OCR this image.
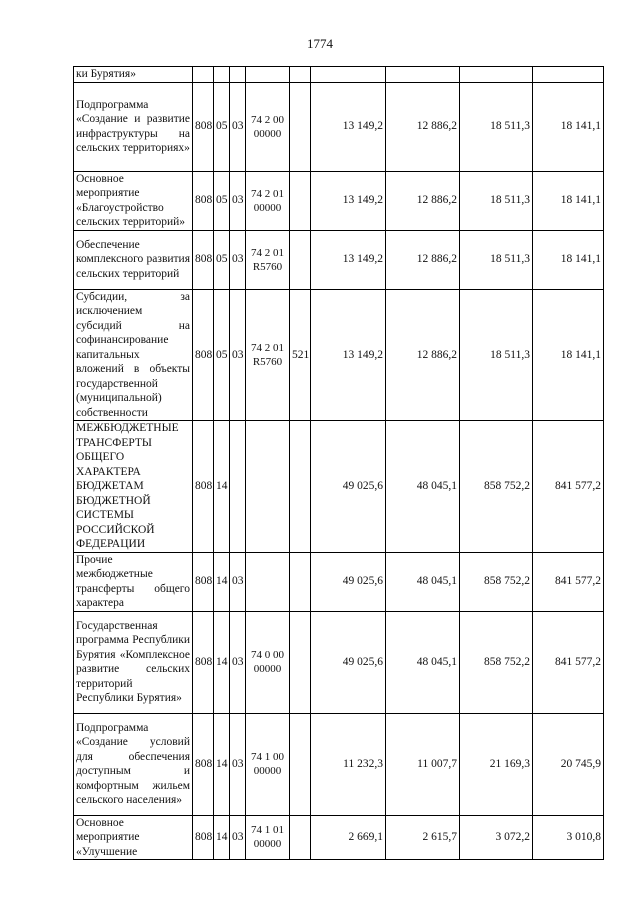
1774
ки Бурятия»									
Подпрограмма «Создание и развитие инфраструктуры на сельских территориях»	808	05	03	74 2 00 00000		13 149,2	12 886,2	18 511,3	18 141,1
Основное мероприятие «Благоустройство сельских территорий»	808	05	03	74 2 01 00000		13 149,2	12 886,2	18 511,3	18 141,1
Обеспечение комплексного развития сельских территорий	808	05	03	74 2 01 R5760		13 149,2	12 886,2	18 511,3	18 141,1
Субсидии, за исключением субсидий на софинансирование капитальных вложений в объекты государственной (муниципальной) собственности	808	05	03	74 2 01 R5760	521	13 149,2	12 886,2	18 511,3	18 141,1
МЕЖБЮДЖЕТНЫЕ ТРАНСФЕРТЫ ОБЩЕГО ХАРАКТЕРА БЮДЖЕТАМ БЮДЖЕТНОЙ СИСТЕМЫ РОССИЙСКОЙ ФЕДЕРАЦИИ	808	14				49 025,6	48 045,1	858 752,2	841 577,2
Прочие межбюджетные трансферты общего характера	808	14	03			49 025,6	48 045,1	858 752,2	841 577,2
Государственная программа Республики Бурятия «Комплексное развитие сельских территорий Республики Бурятия»	808	14	03	74 0 00 00000		49 025,6	48 045,1	858 752,2	841 577,2
Подпрограмма «Создание условий для обеспечения доступным и комфортным жильем сельского населения»	808	14	03	74 1 00 00000		11 232,3	11 007,7	21 169,3	20 745,9
Основное мероприятие «Улучшение	808	14	03	74 1 01 00000		2 669,1	2 615,7	3 072,2	3 010,8
